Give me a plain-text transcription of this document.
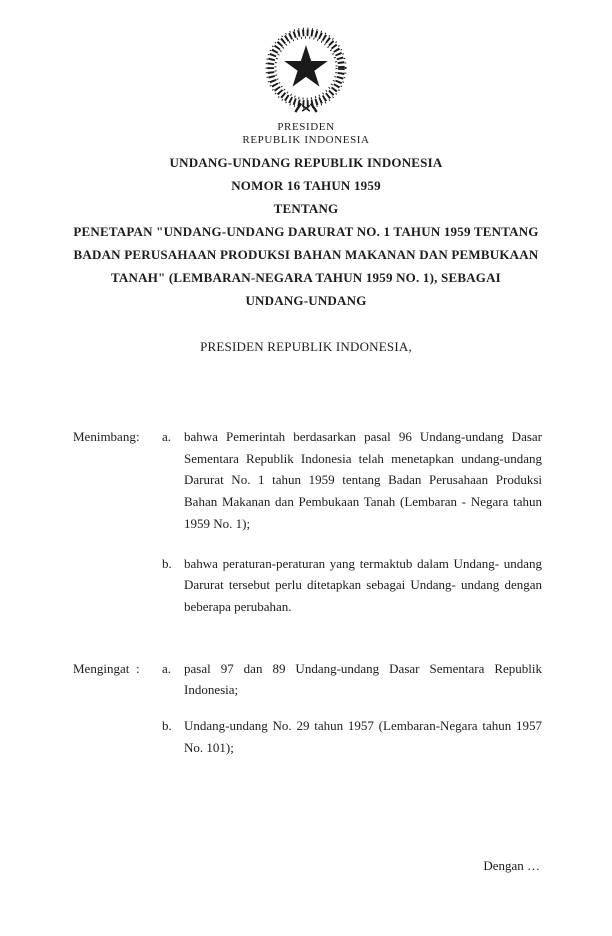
PRESIDEN
REPUBLIK INDONESIA
UNDANG-UNDANG REPUBLIK INDONESIA
NOMOR 16 TAHUN 1959
TENTANG
PENETAPAN "UNDANG-UNDANG DARURAT NO. 1 TAHUN 1959 TENTANG
BADAN PERUSAHAAN PRODUKSI BAHAN MAKANAN DAN PEMBUKAAN
TANAH" (LEMBARAN-NEGARA TAHUN 1959 NO. 1), SEBAGAI
UNDANG-UNDANG
PRESIDEN REPUBLIK INDONESIA,
Menimbang :	a. bahwa Pemerintah berdasarkan pasal 96 Undang-undang Dasar Sementara Republik Indonesia telah menetapkan undang-undang Darurat No. 1 tahun 1959 tentang Badan Perusahaan Produksi Bahan Makanan dan Pembukaan Tanah (Lembaran - Negara tahun 1959 No. 1);
b. bahwa peraturan-peraturan yang termaktub dalam Undang- undang Darurat tersebut perlu ditetapkan sebagai Undang- undang dengan beberapa perubahan.
Mengingat :	a. pasal 97 dan 89 Undang-undang Dasar Sementara Republik Indonesia;
b. Undang-undang No. 29 tahun 1957 (Lembaran-Negara tahun 1957 No. 101);
Dengan …
